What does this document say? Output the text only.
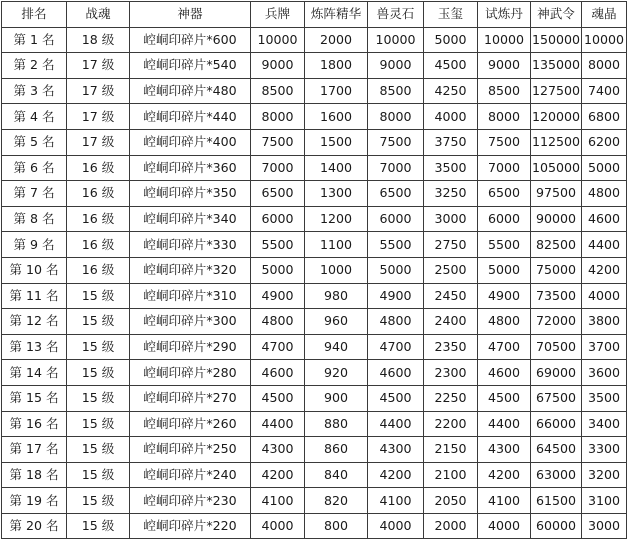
排名	战魂	神器	兵牌	炼阵精华	兽灵石	玉玺	试炼丹	神武令	魂晶
第 1 名	18 级	崆峒印碎片*600	10000	2000	10000	5000	10000	150000	10000
第 2 名	17 级	崆峒印碎片*540	9000	1800	9000	4500	9000	135000	8000
第 3 名	17 级	崆峒印碎片*480	8500	1700	8500	4250	8500	127500	7400
第 4 名	17 级	崆峒印碎片*440	8000	1600	8000	4000	8000	120000	6800
第 5 名	17 级	崆峒印碎片*400	7500	1500	7500	3750	7500	112500	6200
第 6 名	16 级	崆峒印碎片*360	7000	1400	7000	3500	7000	105000	5000
第 7 名	16 级	崆峒印碎片*350	6500	1300	6500	3250	6500	97500	4800
第 8 名	16 级	崆峒印碎片*340	6000	1200	6000	3000	6000	90000	4600
第 9 名	16 级	崆峒印碎片*330	5500	1100	5500	2750	5500	82500	4400
第 10 名	16 级	崆峒印碎片*320	5000	1000	5000	2500	5000	75000	4200
第 11 名	15 级	崆峒印碎片*310	4900	980	4900	2450	4900	73500	4000
第 12 名	15 级	崆峒印碎片*300	4800	960	4800	2400	4800	72000	3800
第 13 名	15 级	崆峒印碎片*290	4700	940	4700	2350	4700	70500	3700
第 14 名	15 级	崆峒印碎片*280	4600	920	4600	2300	4600	69000	3600
第 15 名	15 级	崆峒印碎片*270	4500	900	4500	2250	4500	67500	3500
第 16 名	15 级	崆峒印碎片*260	4400	880	4400	2200	4400	66000	3400
第 17 名	15 级	崆峒印碎片*250	4300	860	4300	2150	4300	64500	3300
第 18 名	15 级	崆峒印碎片*240	4200	840	4200	2100	4200	63000	3200
第 19 名	15 级	崆峒印碎片*230	4100	820	4100	2050	4100	61500	3100
第 20 名	15 级	崆峒印碎片*220	4000	800	4000	2000	4000	60000	3000
